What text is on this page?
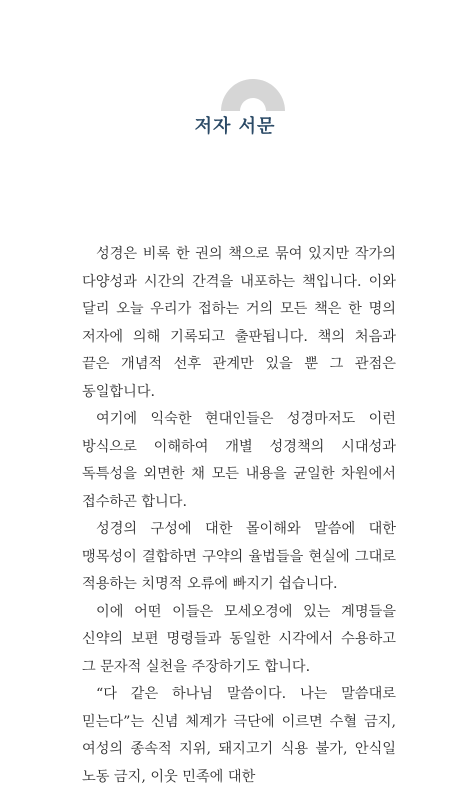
저자 서문

성경은 비록 한 권의 책으로 묶여 있지만 작가의 다양성과 시간의 간격을 내포하는 책입니다. 이와 달리 오늘 우리가 접하는 거의 모든 책은 한 명의 저자에 의해 기록되고 출판됩니다. 책의 처음과 끝은 개념적 선후 관계만 있을 뿐 그 관점은 동일합니다.

여기에 익숙한 현대인들은 성경마저도 이런 방식으로 이해하여 개별 성경책의 시대성과 독특성을 외면한 채 모든 내용을 균일한 차원에서 접수하곤 합니다.

성경의 구성에 대한 몰이해와 말씀에 대한 맹목성이 결합하면 구약의 율법들을 현실에 그대로 적용하는 치명적 오류에 빠지기 쉽습니다.

이에 어떤 이들은 모세오경에 있는 계명들을 신약의 보편 명령들과 동일한 시각에서 수용하고 그 문자적 실천을 주장하기도 합니다.

“다 같은 하나님 말씀이다. 나는 말씀대로 믿는다”는 신념 체계가 극단에 이르면 수혈 금지, 여성의 종속적 지위, 돼지고기 식용 불가, 안식일 노동 금지, 이웃 민족에 대한
